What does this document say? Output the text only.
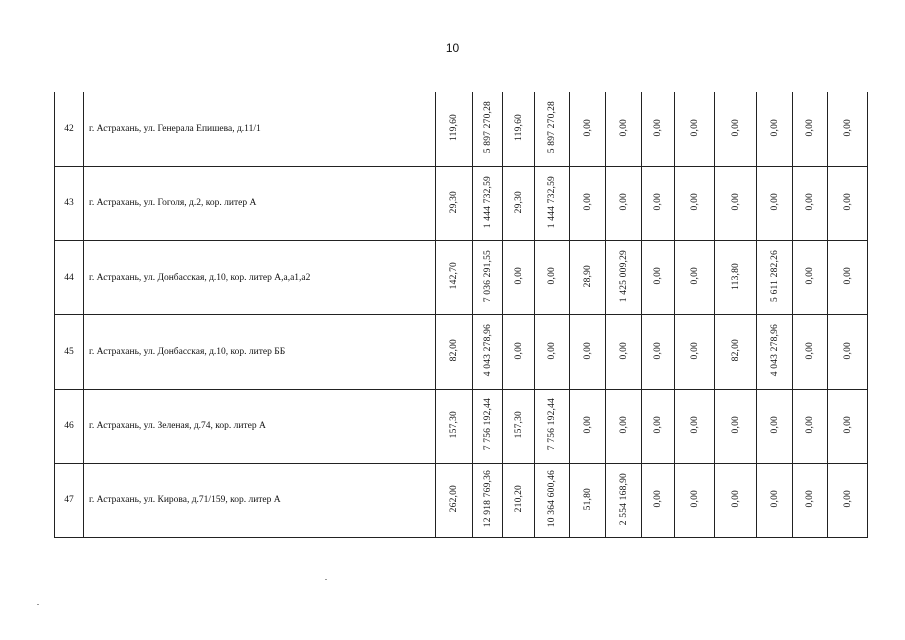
10
42	г. Астрахань, ул. Генерала Епишева, д.11/1	119,60	5 897 270,28	119,60	5 897 270,28	0,00	0,00	0,00	0,00	0,00	0,00	0,00	0,00
43	г. Астрахань, ул. Гоголя, д.2, кор. литер А	29,30	1 444 732,59	29,30	1 444 732,59	0,00	0,00	0,00	0,00	0,00	0,00	0,00	0,00
44	г. Астрахань, ул. Донбасская, д.10, кор. литер А,а,а1,а2	142,70	7 036 291,55	0,00	0,00	28,90	1 425 009,29	0,00	0,00	113,80	5 611 282,26	0,00	0,00
45	г. Астрахань, ул. Донбасская, д.10, кор. литер ББ	82,00	4 043 278,96	0,00	0,00	0,00	0,00	0,00	0,00	82,00	4 043 278,96	0,00	0,00
46	г. Астрахань, ул. Зеленая, д.74, кор. литер А	157,30	7 756 192,44	157,30	7 756 192,44	0,00	0,00	0,00	0,00	0,00	0,00	0,00	0,00
47	г. Астрахань, ул. Кирова, д.71/159, кор. литер А	262,00	12 918 769,36	210,20	10 364 600,46	51,80	2 554 168,90	0,00	0,00	0,00	0,00	0,00	0,00
